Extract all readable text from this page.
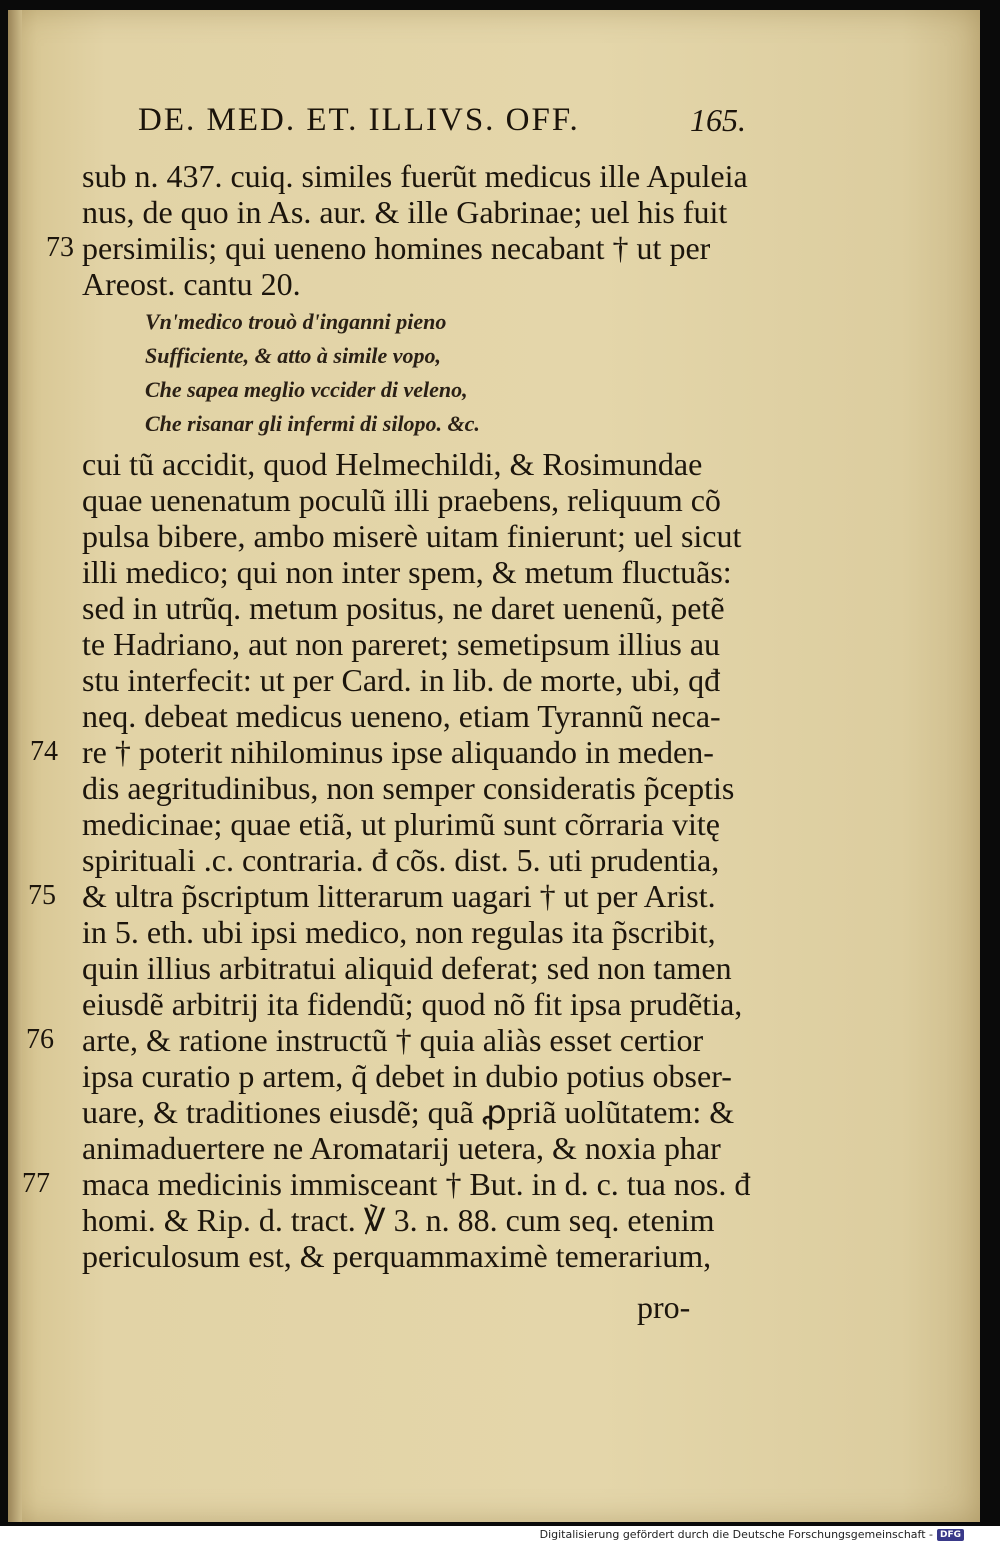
DE. MED. ET. ILLIVS. OFF.	165.
sub n. 437. cuiq. similes fuerũt medicus ille Apuleia
nus, de quo in As. aur. & ille Gabrinae; uel his fuit
persimilis; qui ueneno homines necabant † ut per
Areost. cantu 20.
Vn'medico trouò d'inganni pieno
Sufficiente, & atto à simile vopo,
Che sapea meglio vccider di veleno,
Che risanar gli infermi di silopo. &c.
cui tũ accidit, quod Helmechildi, & Rosimundae
quae uenenatum poculũ illi praebens, reliquum cõ
pulsa bibere, ambo miserè uitam finierunt; uel sicut
illi medico; qui non inter spem, & metum fluctuãs:
sed in utrũq. metum positus, ne daret uenenũ, petẽ
te Hadriano, aut non pareret; semetipsum illius au
stu interfecit: ut per Card. in lib. de morte, ubi, qđ
neq. debeat medicus ueneno, etiam Tyrannũ neca-
re † poterit nihilominus ipse aliquando in meden-
dis aegritudinibus, non semper consideratis p̃ceptis
medicinae; quae etiã, ut plurimũ sunt cõrraria vitę
spirituali .c. contraria. đ cõs. dist. 5. uti prudentia,
& ultra p̃scriptum litterarum uagari † ut per Arist.
in 5. eth. ubi ipsi medico, non regulas ita p̃scribit,
quin illius arbitratui aliquid deferat; sed non tamen
eiusdẽ arbitrij ita fidendũ; quod nõ fit ipsa prudẽtia,
arte, & ratione instructũ † quia aliàs esset certior
ipsa curatio p artem, q̃ debet in dubio potius obser-
uare, & traditiones eiusdẽ; quã ꝓpriã uolũtatem: &
animaduertere ne Aromatarij uetera, & noxia phar
maca medicinis immisceant † But. in d. c. tua nos. đ
homi. & Rip. d. tract. ℣ 3. n. 88. cum seq. etenim
periculosum est, & perquammaximè temerarium,
73
74
75
76
77
pro-
Digitalisierung gefördert durch die Deutsche Forschungsgemeinschaft - DFG
